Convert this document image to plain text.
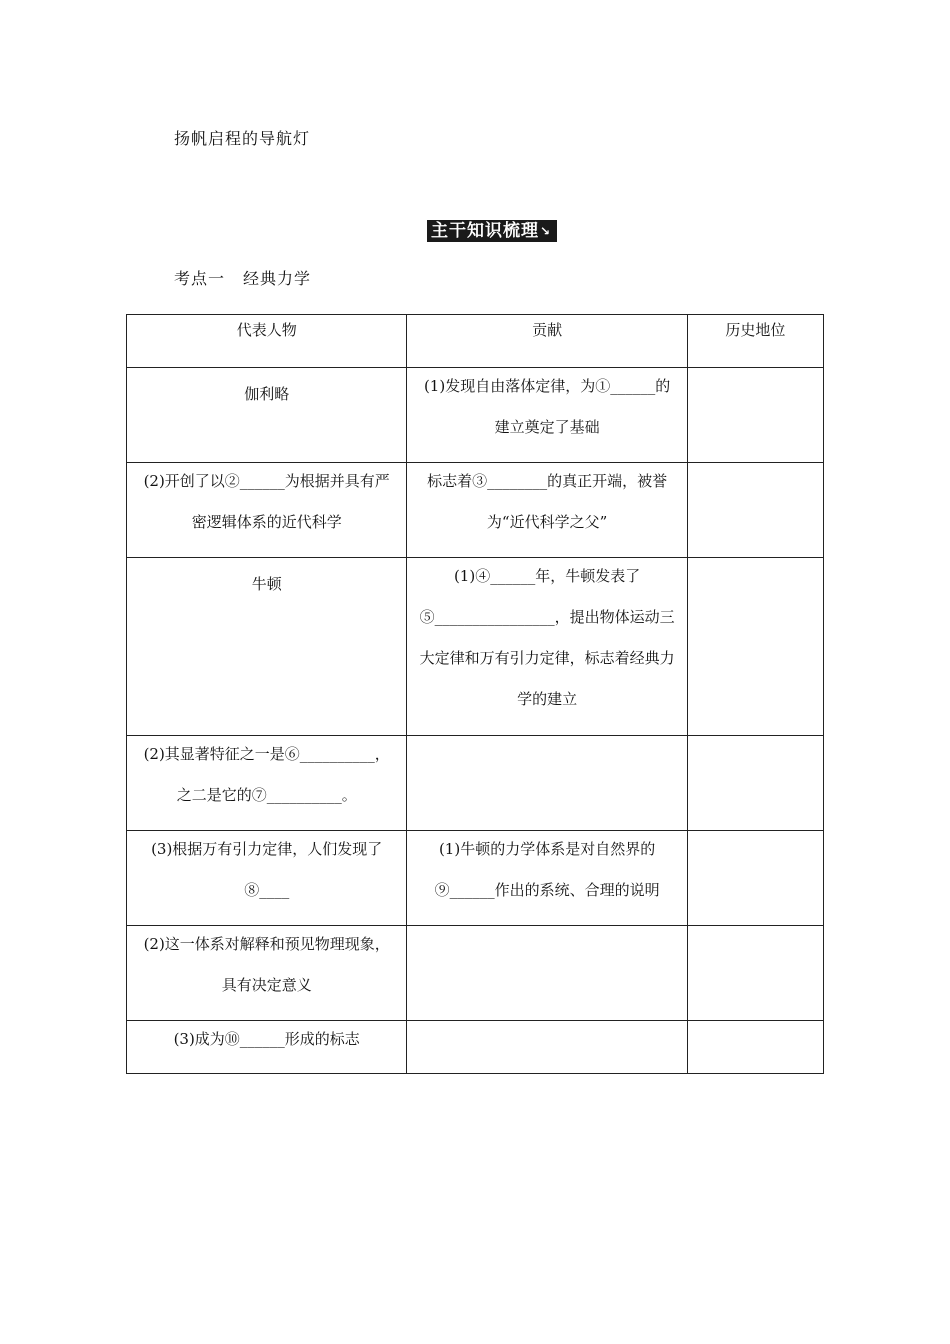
扬帆启程的导航灯
主干知识梳理 ↘
考点一 经典力学
代表人物	贡献	历史地位
伽利略	(1)发现自由落体定律，为①______的建立奠定了基础	

(2)开创了以②______为根据并具有严密逻辑体系的近代科学	标志着③________的真正开端，被誉为“近代科学之父”	

牛顿	(1)④______年，牛顿发表了⑤________________，提出物体运动三大定律和万有引力定律，标志着经典力学的建立	

(2)其显著特征之一是⑥__________，之二是它的⑦__________。		

(3)根据万有引力定律，人们发现了⑧____	(1)牛顿的力学体系是对自然界的⑨______作出的系统、合理的说明	

(2)这一体系对解释和预见物理现象，具有决定意义		

(3)成为⑩______形成的标志		
